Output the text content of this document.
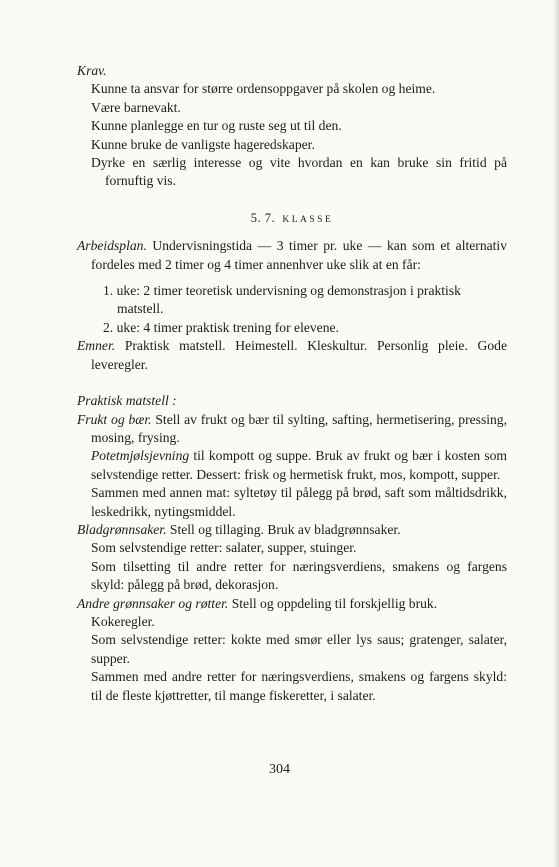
Krav.

Kunne ta ansvar for større ordensoppgaver på skolen og heime.

Være barnevakt.

Kunne planlegge en tur og ruste seg ut til den.

Kunne bruke de vanligste hageredskaper.

Dyrke en særlig interesse og vite hvordan en kan bruke sin fritid på fornuftig vis.

5. 7. KLASSE

Arbeidsplan. Undervisningstida — 3 timer pr. uke — kan som et alternativ fordeles med 2 timer og 4 timer annenhver uke slik at en får:

1. uke: 2 timer teoretisk undervisning og demonstrasjon i praktisk matstell.
2. uke: 4 timer praktisk trening for elevene.

Emner. Praktisk matstell. Heimestell. Kleskultur. Personlig pleie. Gode leveregler.

Praktisk matstell :

Frukt og bær. Stell av frukt og bær til sylting, safting, hermetisering, pressing, mosing, frysing.

Potetmjølsjevning til kompott og suppe. Bruk av frukt og bær i kosten som selvstendige retter. Dessert: frisk og hermetisk frukt, mos, kompott, supper.

Sammen med annen mat: syltetøy til pålegg på brød, saft som måltidsdrikk, leskedrikk, nytingsmiddel.

Bladgrønnsaker. Stell og tillaging. Bruk av bladgrønnsaker.

Som selvstendige retter: salater, supper, stuinger.

Som tilsetting til andre retter for næringsverdiens, smakens og fargens skyld: pålegg på brød, dekorasjon.

Andre grønnsaker og røtter. Stell og oppdeling til forskjellig bruk.

Kokeregler.

Som selvstendige retter: kokte med smør eller lys saus; gratenger, salater, supper.

Sammen med andre retter for næringsverdiens, smakens og fargens skyld: til de fleste kjøttretter, til mange fiskeretter, i salater.

304
